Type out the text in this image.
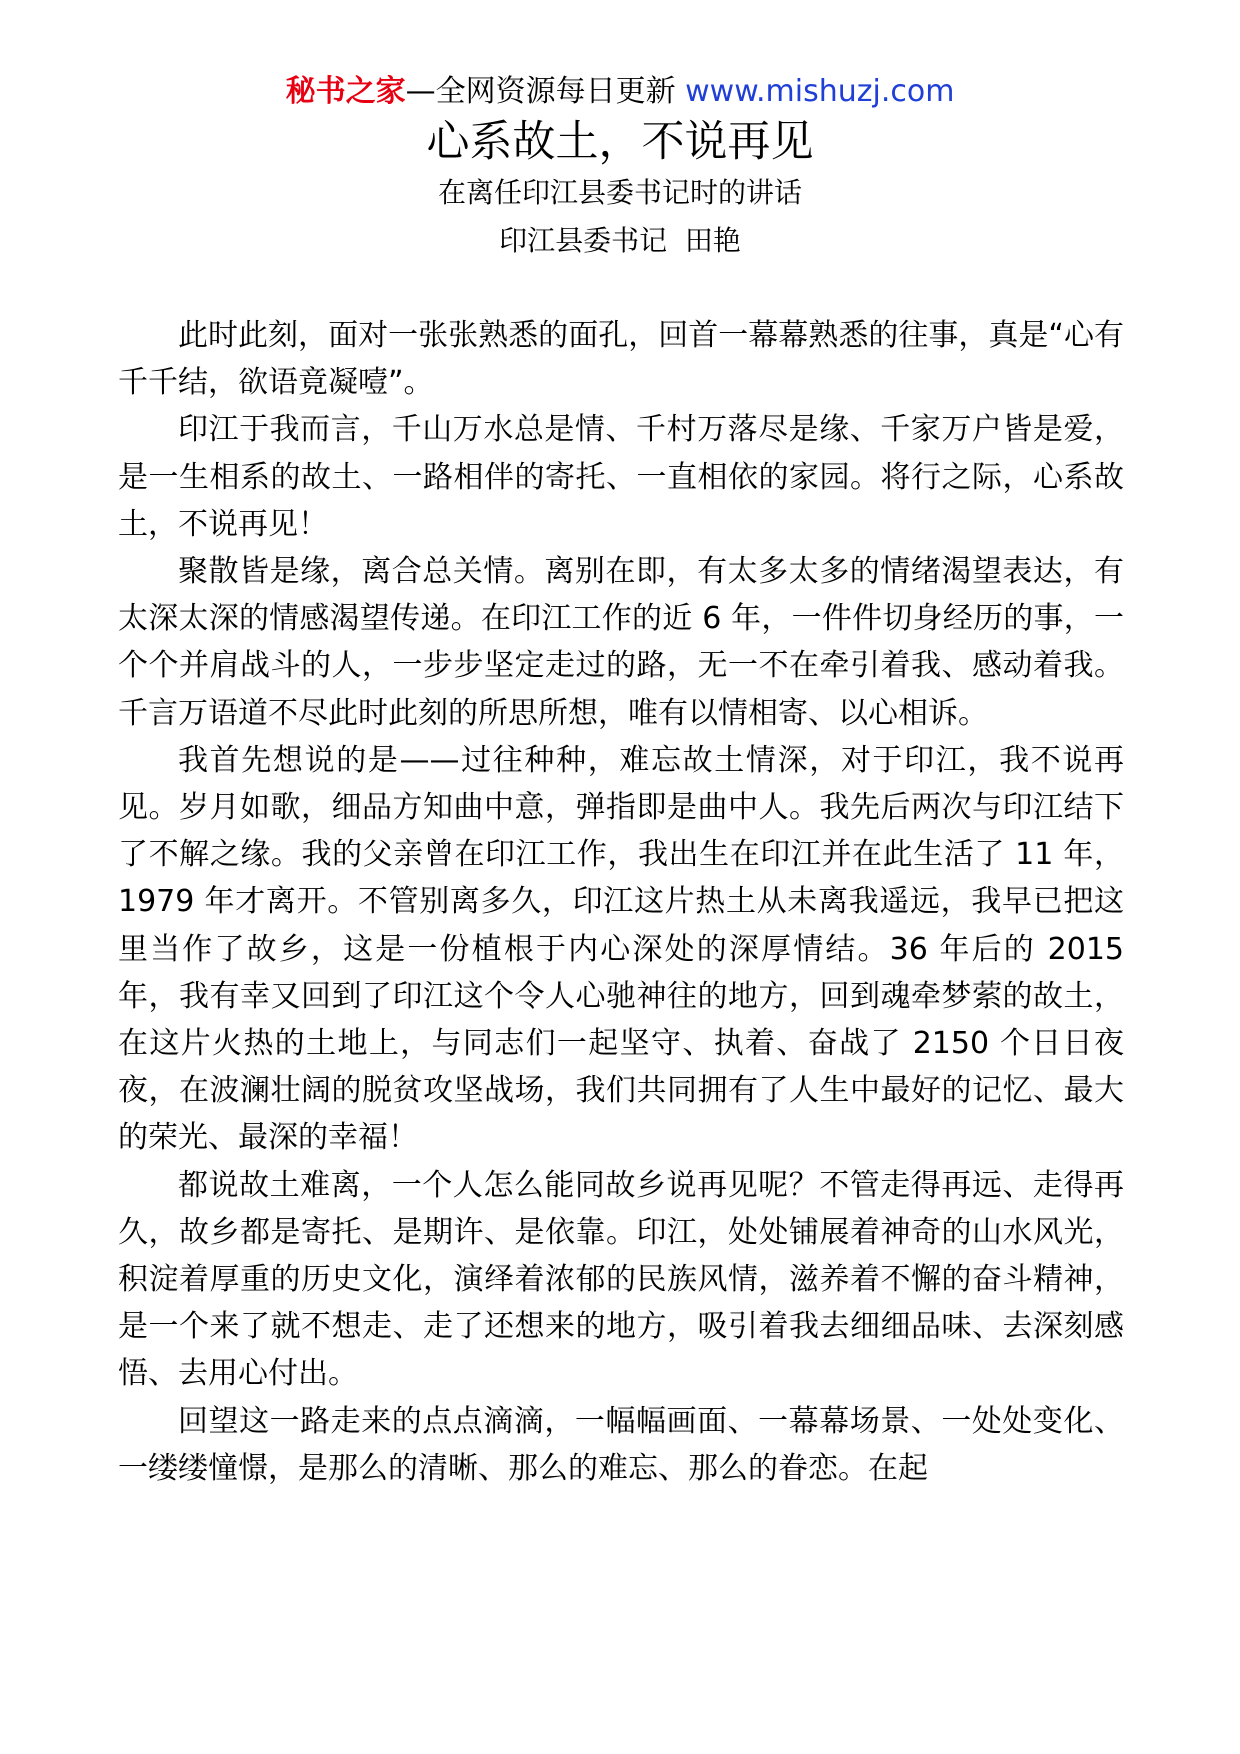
秘书之家—全网资源每日更新 www.mishuzj.com
心系故土，不说再见
在离任印江县委书记时的讲话
印江县委书记  田艳

此时此刻，面对一张张熟悉的面孔，回首一幕幕熟悉的往事，真是“心有千千结，欲语竟凝噎”。

印江于我而言，千山万水总是情、千村万落尽是缘、千家万户皆是爱，是一生相系的故土、一路相伴的寄托、一直相依的家园。将行之际，心系故土，不说再见！

聚散皆是缘，离合总关情。离别在即，有太多太多的情绪渴望表达，有太深太深的情感渴望传递。在印江工作的近 6 年，一件件切身经历的事，一个个并肩战斗的人，一步步坚定走过的路，无一不在牵引着我、感动着我。千言万语道不尽此时此刻的所思所想，唯有以情相寄、以心相诉。

我首先想说的是——过往种种，难忘故土情深，对于印江，我不说再见。岁月如歌，细品方知曲中意，弹指即是曲中人。我先后两次与印江结下了不解之缘。我的父亲曾在印江工作，我出生在印江并在此生活了 11 年，1979 年才离开。不管别离多久，印江这片热土从未离我遥远，我早已把这里当作了故乡，这是一份植根于内心深处的深厚情结。36 年后的 2015 年，我有幸又回到了印江这个令人心驰神往的地方，回到魂牵梦萦的故土，在这片火热的土地上，与同志们一起坚守、执着、奋战了 2150 个日日夜夜，在波澜壮阔的脱贫攻坚战场，我们共同拥有了人生中最好的记忆、最大的荣光、最深的幸福！

都说故土难离，一个人怎么能同故乡说再见呢？不管走得再远、走得再久，故乡都是寄托、是期许、是依靠。印江，处处铺展着神奇的山水风光，积淀着厚重的历史文化，演绎着浓郁的民族风情，滋养着不懈的奋斗精神，是一个来了就不想走、走了还想来的地方，吸引着我去细细品味、去深刻感悟、去用心付出。

回望这一路走来的点点滴滴，一幅幅画面、一幕幕场景、一处处变化、一缕缕憧憬，是那么的清晰、那么的难忘、那么的眷恋。在起
